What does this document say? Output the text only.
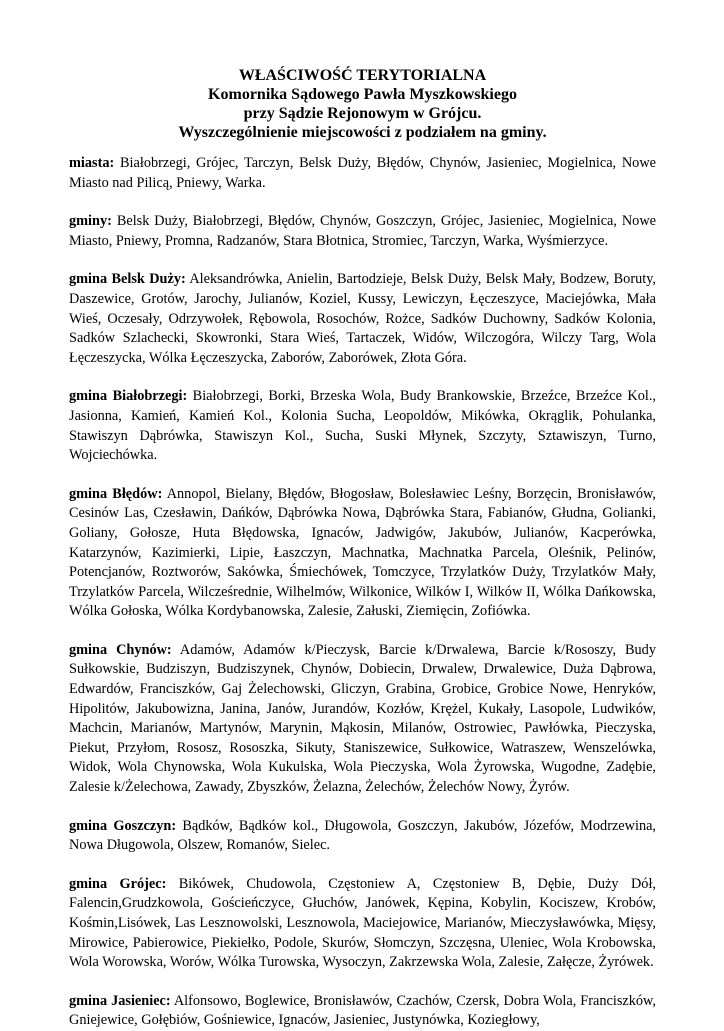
WŁAŚCIWOŚĆ TERYTORIALNA
Komornika Sądowego Pawła Myszkowskiego
przy Sądzie Rejonowym w Grójcu.
Wyszczególnienie miejscowości z podziałem na gminy.

miasta: Białobrzegi, Grójec, Tarczyn, Belsk Duży, Błędów, Chynów, Jasieniec, Mogielnica, Nowe Miasto nad Pilicą, Pniewy, Warka.

gminy: Belsk Duży, Białobrzegi, Błędów, Chynów, Goszczyn, Grójec, Jasieniec, Mogielnica, Nowe Miasto, Pniewy, Promna, Radzanów, Stara Błotnica, Stromiec, Tarczyn, Warka, Wyśmierzyce.

gmina Belsk Duży: Aleksandrówka, Anielin, Bartodzieje, Belsk Duży, Belsk Mały, Bodzew, Boruty, Daszewice, Grotów, Jarochy, Julianów, Koziel, Kussy, Lewiczyn, Łęczeszyce, Maciejówka, Mała Wieś, Oczesały, Odrzywołek, Rębowola, Rosochów, Rożce, Sadków Duchowny, Sadków Kolonia, Sadków Szlachecki, Skowronki, Stara Wieś, Tartaczek, Widów, Wilczogóra, Wilczy Targ, Wola Łęczeszycka, Wólka Łęczeszycka, Zaborów, Zaborówek, Złota Góra.

gmina Białobrzegi: Białobrzegi, Borki, Brzeska Wola, Budy Brankowskie, Brzeźce, Brzeźce Kol., Jasionna, Kamień, Kamień Kol., Kolonia Sucha, Leopoldów, Mikówka, Okrąglik, Pohulanka, Stawiszyn Dąbrówka, Stawiszyn Kol., Sucha, Suski Młynek, Szczyty, Sztawiszyn, Turno, Wojciechówka.

gmina Błędów: Annopol, Bielany, Błędów, Błogosław, Bolesławiec Leśny, Borzęcin, Bronisławów, Cesinów Las, Czesławin, Dańków, Dąbrówka Nowa, Dąbrówka Stara, Fabianów, Głudna, Golianki, Goliany, Gołosze, Huta Błędowska, Ignaców, Jadwigów, Jakubów, Julianów, Kacperówka, Katarzynów, Kazimierki, Lipie, Łaszczyn, Machnatka, Machnatka Parcela, Oleśnik, Pelinów, Potencjanów, Roztworów, Sakówka, Śmiechówek, Tomczyce, Trzylatków Duży, Trzylatków Mały, Trzylatków Parcela, Wilcześrednie, Wilhelmów, Wilkonice, Wilków I, Wilków II, Wólka Dańkowska, Wólka Gołoska, Wólka Kordybanowska, Zalesie, Załuski, Ziemięcin, Zofiówka.

gmina Chynów: Adamów, Adamów k/Pieczysk, Barcie k/Drwalewa, Barcie k/Rososzy, Budy Sułkowskie, Budziszyn, Budziszynek, Chynów, Dobiecin, Drwalew, Drwalewice, Duża Dąbrowa, Edwardów, Franciszków, Gaj Żelechowski, Gliczyn, Grabina, Grobice, Grobice Nowe, Henryków, Hipolitów, Jakubowizna, Janina, Janów, Jurandów, Kozłów, Krężel, Kukały, Lasopole, Ludwików, Machcin, Marianów, Martynów, Marynin, Mąkosin, Milanów, Ostrowiec, Pawłówka, Pieczyska, Piekut, Przyłom, Rososz, Rososzka, Sikuty, Staniszewice, Sułkowice, Watraszew, Wenszelówka, Widok, Wola Chynowska, Wola Kukulska, Wola Pieczyska, Wola Żyrowska, Wugodne, Zadębie, Zalesie k/Żelechowa, Zawady, Zbyszków, Żelazna, Żelechów, Żelechów Nowy, Żyrów.

gmina Goszczyn: Bądków, Bądków kol., Długowola, Goszczyn, Jakubów, Józefów, Modrzewina, Nowa Długowola, Olszew, Romanów, Sielec.

gmina Grójec: Bikówek, Chudowola, Częstoniew A, Częstoniew B, Dębie, Duży Dół, Falencin,Grudzkowola, Gościeńczyce, Głuchów, Janówek, Kępina, Kobylin, Kociszew, Krobów, Kośmin,Lisówek, Las Lesznowolski, Lesznowola, Maciejowice, Marianów, Mieczysławówka, Mięsy, Mirowice, Pabierowice, Piekiełko, Podole, Skurów, Słomczyn, Szczęsna, Uleniec, Wola Krobowska, Wola Worowska, Worów, Wólka Turowska, Wysoczyn, Zakrzewska Wola, Zalesie, Załęcze, Żyrówek.

gmina Jasieniec: Alfonsowo, Boglewice, Bronisławów, Czachów, Czersk, Dobra Wola, Franciszków, Gniejewice, Gołębiów, Gośniewice, Ignaców, Jasieniec, Justynówka, Koziegłowy,
